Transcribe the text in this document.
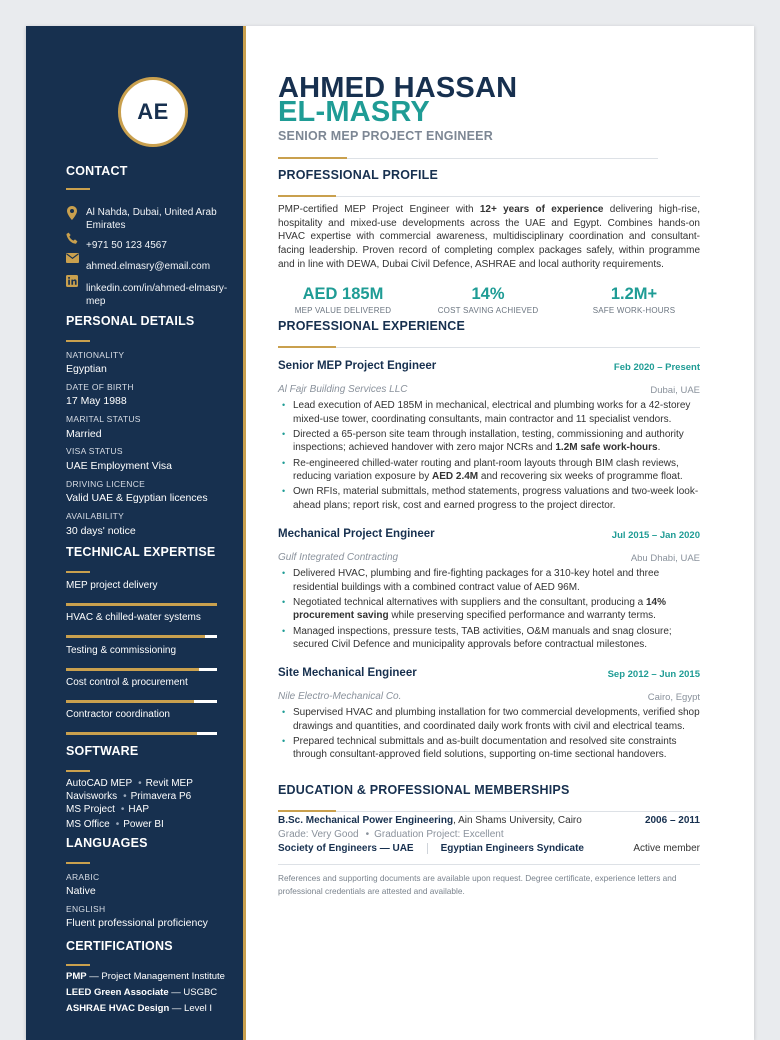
AE
CONTACT
Al Nahda, Dubai, United Arab Emirates
+971 50 123 4567
ahmed.elmasry@email.com
linkedin.com/in/ahmed-elmasry-mep
PERSONAL DETAILS
NATIONALITY
Egyptian
DATE OF BIRTH
17 May 1988
MARITAL STATUS
Married
VISA STATUS
UAE Employment Visa
DRIVING LICENCE
Valid UAE & Egyptian licences
AVAILABILITY
30 days' notice
TECHNICAL EXPERTISE
MEP project delivery
HVAC & chilled-water systems
Testing & commissioning
Cost control & procurement
Contractor coordination
SOFTWARE
AutoCAD MEP • Revit MEP
Navisworks • Primavera P6
MS Project • HAP
MS Office • Power BI
LANGUAGES
ARABIC
Native
ENGLISH
Fluent professional proficiency
CERTIFICATIONS
PMP — Project Management Institute
LEED Green Associate — USGBC
ASHRAE HVAC Design — Level I
AHMED HASSAN
EL-MASRY
SENIOR MEP PROJECT ENGINEER
PROFESSIONAL PROFILE

PMP-certified MEP Project Engineer with 12+ years of experience delivering high-rise, hospitality and mixed-use developments across the UAE and Egypt. Combines hands-on HVAC expertise with commercial awareness, multidisciplinary coordination and consultant-facing leadership. Proven record of completing complex packages safely, within programme and in line with DEWA, Dubai Civil Defence, ASHRAE and local authority requirements.

AED 185M
MEP VALUE DELIVERED
14%
COST SAVING ACHIEVED
1.2M+
SAFE WORK-HOURS
PROFESSIONAL EXPERIENCE
Senior MEP Project Engineer	Feb 2020 – Present
Al Fajr Building Services LLC	Dubai, UAE
• Lead execution of AED 185M in mechanical, electrical and plumbing works for a 42-storey mixed-use tower, coordinating consultants, main contractor and 11 specialist vendors.
• Directed a 65-person site team through installation, testing, commissioning and authority inspections; achieved handover with zero major NCRs and 1.2M safe work-hours.
• Re-engineered chilled-water routing and plant-room layouts through BIM clash reviews, reducing variation exposure by AED 2.4M and recovering six weeks of programme float.
• Own RFIs, material submittals, method statements, progress valuations and two-week look-ahead plans; report risk, cost and earned progress to the project director.
Mechanical Project Engineer	Jul 2015 – Jan 2020
Gulf Integrated Contracting	Abu Dhabi, UAE
• Delivered HVAC, plumbing and fire-fighting packages for a 310-key hotel and three residential buildings with a combined contract value of AED 96M.
• Negotiated technical alternatives with suppliers and the consultant, producing a 14% procurement saving while preserving specified performance and warranty terms.
• Managed inspections, pressure tests, TAB activities, O&M manuals and snag closure; secured Civil Defence and municipality approvals before contractual milestones.
Site Mechanical Engineer	Sep 2012 – Jun 2015
Nile Electro-Mechanical Co.	Cairo, Egypt
• Supervised HVAC and plumbing installation for two commercial developments, verified shop drawings and quantities, and coordinated daily work fronts with civil and electrical teams.
• Prepared technical submittals and as-built documentation and resolved site constraints through consultant-approved field solutions, supporting on-time sectional handovers.
EDUCATION & PROFESSIONAL MEMBERSHIPS
B.Sc. Mechanical Power Engineering, Ain Shams University, Cairo	2006 – 2011
Grade: Very Good • Graduation Project: Excellent
Society of Engineers — UAE	Egyptian Engineers Syndicate	Active member

References and supporting documents are available upon request. Degree certificate, experience letters and professional credentials are attested and available.
